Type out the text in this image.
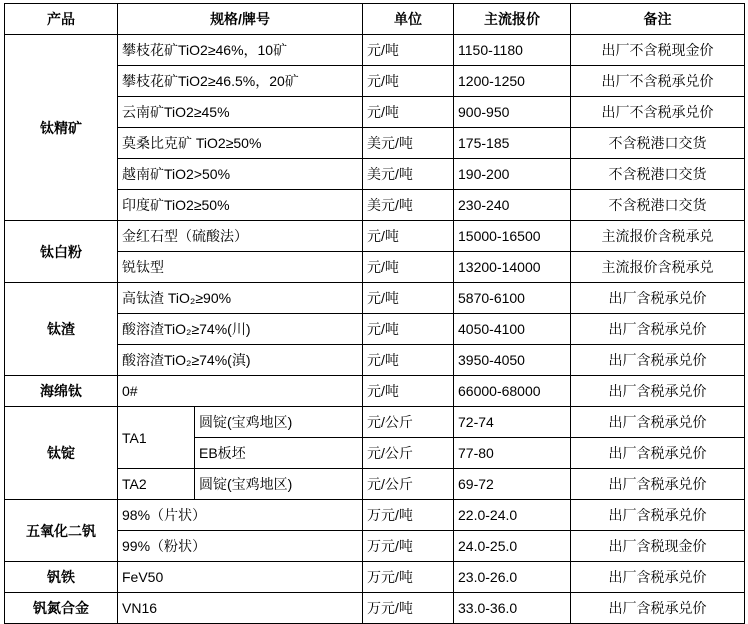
产品	规格/牌号		单位	主流报价	备注
钛精矿	攀枝花矿TiO2≥46%，10矿		元/吨	1150-1180	出厂不含税现金价
	攀枝花矿TiO2≥46.5%，20矿		元/吨	1200-1250	出厂不含税承兑价
	云南矿TiO2≥45%		元/吨	900-950	出厂不含税承兑价
	莫桑比克矿 TiO2≥50%		美元/吨	175-185	不含税港口交货
	越南矿TiO2>50%		美元/吨	190-200	不含税港口交货
	印度矿TiO2≥50%		美元/吨	230-240	不含税港口交货
钛白粉	金红石型（硫酸法）		元/吨	15000-16500	主流报价含税承兑
	锐钛型		元/吨	13200-14000	主流报价含税承兑
钛渣	高钛渣 TiO₂≥90%		元/吨	5870-6100	出厂含税承兑价
	酸溶渣TiO₂≥74%(川)		元/吨	4050-4100	出厂含税承兑价
	酸溶渣TiO₂≥74%(滇)		元/吨	3950-4050	出厂含税承兑价
海绵钛	0#		元/吨	66000-68000	出厂含税承兑价
钛锭	TA1	圆锭(宝鸡地区)	元/公斤	72-74	出厂含税承兑价
		EB板坯	元/公斤	77-80	出厂含税承兑价
	TA2	圆锭(宝鸡地区)	元/公斤	69-72	出厂含税承兑价
五氧化二钒	98%（片状）		万元/吨	22.0-24.0	出厂含税承兑价
	99%（粉状）		万元/吨	24.0-25.0	出厂含税现金价
钒铁	FeV50		万元/吨	23.0-26.0	出厂含税承兑价
钒氮合金	VN16		万元/吨	33.0-36.0	出厂含税承兑价
